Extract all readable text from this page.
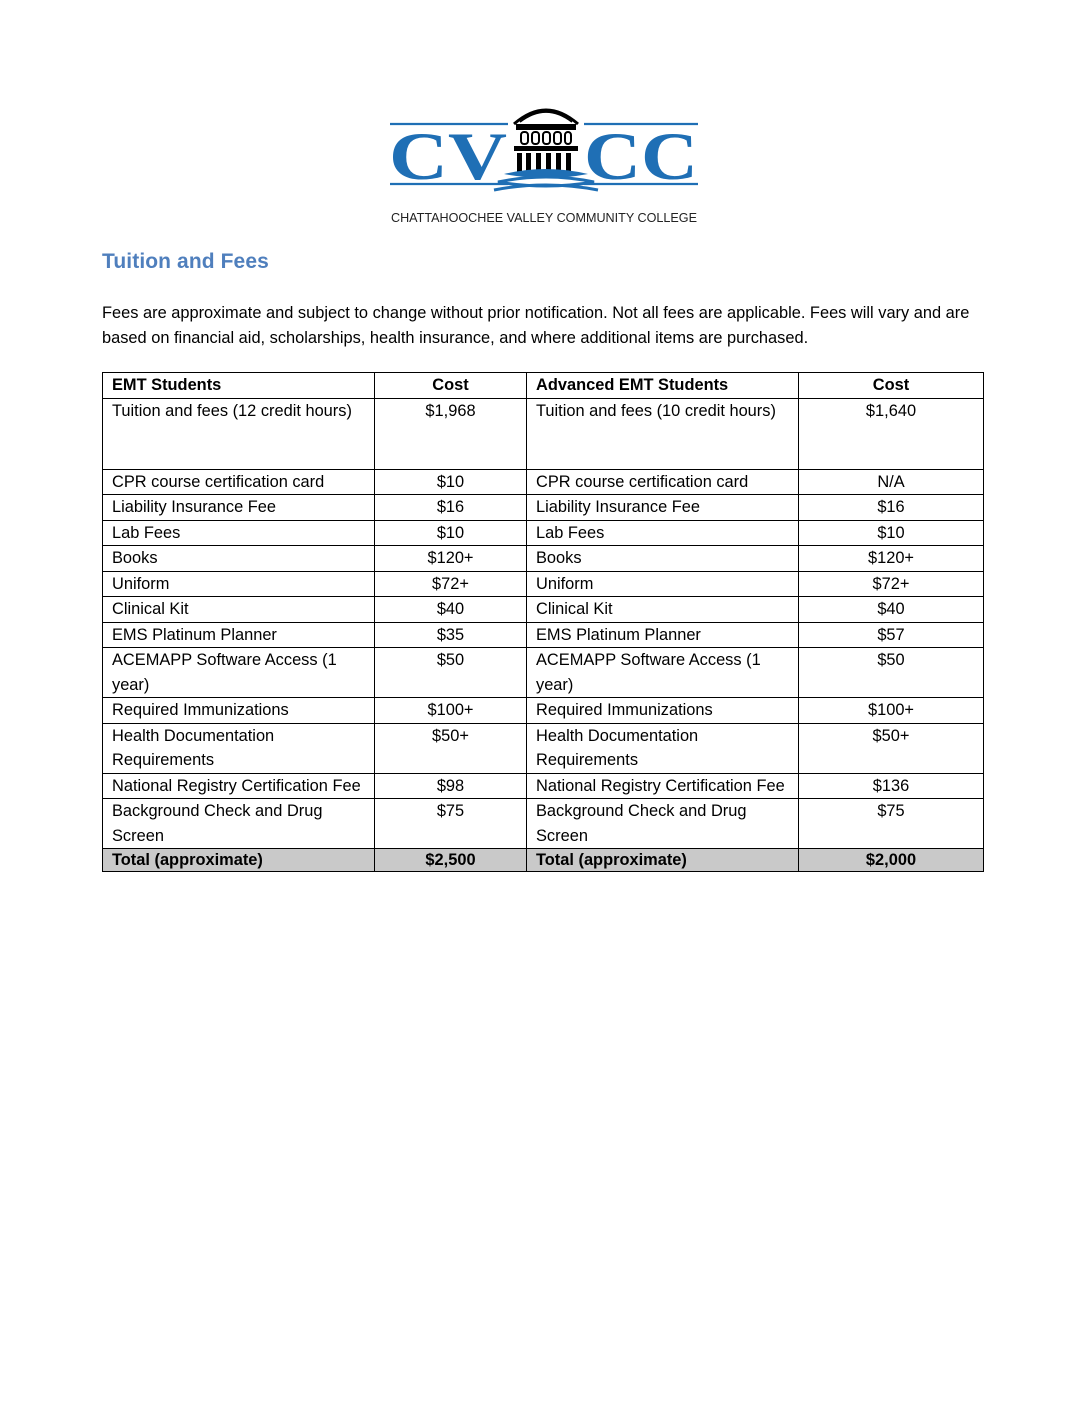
CV CC
CHATTAHOOCHEE VALLEY COMMUNITY COLLEGE
Tuition and Fees

Fees are approximate and subject to change without prior notification. Not all fees are applicable. Fees will vary and are based on financial aid, scholarships, health insurance, and where additional items are purchased.

EMT Students	Cost	Advanced EMT Students	Cost
Tuition and fees (12 credit hours)	$1,968	Tuition and fees (10 credit hours)	$1,640
CPR course certification card	$10	CPR course certification card	N/A
Liability Insurance Fee	$16	Liability Insurance Fee	$16
Lab Fees	$10	Lab Fees	$10
Books	$120+	Books	$120+
Uniform	$72+	Uniform	$72+
Clinical Kit	$40	Clinical Kit	$40
EMS Platinum Planner	$35	EMS Platinum Planner	$57
ACEMAPP Software Access (1 year)	$50	ACEMAPP Software Access (1 year)	$50
Required Immunizations	$100+	Required Immunizations	$100+
Health Documentation Requirements	$50+	Health Documentation Requirements	$50+
National Registry Certification Fee	$98	National Registry Certification Fee	$136
Background Check and Drug Screen	$75	Background Check and Drug Screen	$75
Total (approximate)	$2,500	Total (approximate)	$2,000
